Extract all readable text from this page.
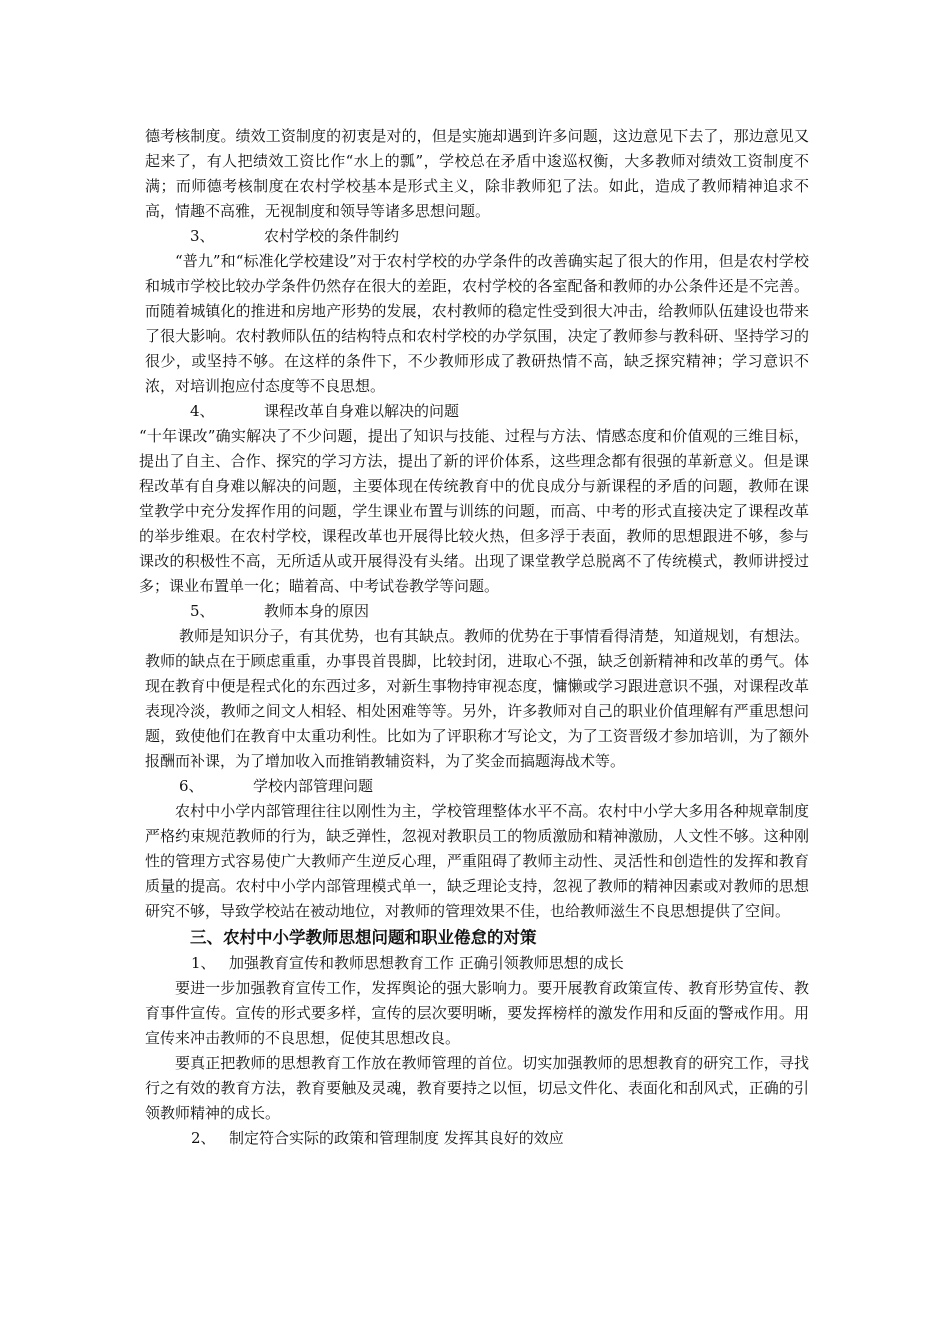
德考核制度。绩效工资制度的初衷是对的，但是实施却遇到许多问题，这边意见下去了，那边意见又起来了，有人把绩效工资比作“水上的瓢”，学校总在矛盾中逡巡权衡，大多教师对绩效工资制度不满；而师德考核制度在农村学校基本是形式主义，除非教师犯了法。如此，造成了教师精神追求不高，情趣不高雅，无视制度和领导等诸多思想问题。

3、	农村学校的条件制约

“普九”和“标准化学校建设”对于农村学校的办学条件的改善确实起了很大的作用，但是农村学校和城市学校比较办学条件仍然存在很大的差距，农村学校的各室配备和教师的办公条件还是不完善。而随着城镇化的推进和房地产形势的发展，农村教师的稳定性受到很大冲击，给教师队伍建设也带来了很大影响。农村教师队伍的结构特点和农村学校的办学氛围，决定了教师参与教科研、坚持学习的很少，或坚持不够。在这样的条件下，不少教师形成了教研热情不高，缺乏探究精神；学习意识不浓，对培训抱应付态度等不良思想。

4、	课程改革自身难以解决的问题

“十年课改”确实解决了不少问题，提出了知识与技能、过程与方法、情感态度和价值观的三维目标，提出了自主、合作、探究的学习方法，提出了新的评价体系，这些理念都有很强的革新意义。但是课程改革有自身难以解决的问题，主要体现在传统教育中的优良成分与新课程的矛盾的问题，教师在课堂教学中充分发挥作用的问题，学生课业布置与训练的问题，而高、中考的形式直接决定了课程改革的举步维艰。在农村学校，课程改革也开展得比较火热，但多浮于表面，教师的思想跟进不够，参与课改的积极性不高，无所适从或开展得没有头绪。出现了课堂教学总脱离不了传统模式，教师讲授过多；课业布置单一化；瞄着高、中考试卷教学等问题。

5、	教师本身的原因

教师是知识分子，有其优势，也有其缺点。教师的优势在于事情看得清楚，知道规划，有想法。教师的缺点在于顾虑重重，办事畏首畏脚，比较封闭，进取心不强，缺乏创新精神和改革的勇气。体现在教育中便是程式化的东西过多，对新生事物持审视态度，慵懒或学习跟进意识不强，对课程改革表现冷淡，教师之间文人相轻、相处困难等等。另外，许多教师对自己的职业价值理解有严重思想问题，致使他们在教育中太重功利性。比如为了评职称才写论文，为了工资晋级才参加培训，为了额外报酬而补课，为了增加收入而推销教辅资料，为了奖金而搞题海战术等。

6、	学校内部管理问题

农村中小学内部管理往往以刚性为主，学校管理整体水平不高。农村中小学大多用各种规章制度严格约束规范教师的行为，缺乏弹性，忽视对教职员工的物质激励和精神激励，人文性不够。这种刚性的管理方式容易使广大教师产生逆反心理，严重阻碍了教师主动性、灵活性和创造性的发挥和教育质量的提高。农村中小学内部管理模式单一，缺乏理论支持，忽视了教师的精神因素或对教师的思想研究不够，导致学校站在被动地位，对教师的管理效果不佳，也给教师滋生不良思想提供了空间。

三、农村中小学教师思想问题和职业倦怠的对策

1、 加强教育宣传和教师思想教育工作 正确引领教师思想的成长

要进一步加强教育宣传工作，发挥舆论的强大影响力。要开展教育政策宣传、教育形势宣传、教育事件宣传。宣传的形式要多样，宣传的层次要明晰，要发挥榜样的激发作用和反面的警戒作用。用宣传来冲击教师的不良思想，促使其思想改良。

要真正把教师的思想教育工作放在教师管理的首位。切实加强教师的思想教育的研究工作，寻找行之有效的教育方法，教育要触及灵魂，教育要持之以恒，切忌文件化、表面化和刮风式，正确的引领教师精神的成长。

2、 制定符合实际的政策和管理制度 发挥其良好的效应
